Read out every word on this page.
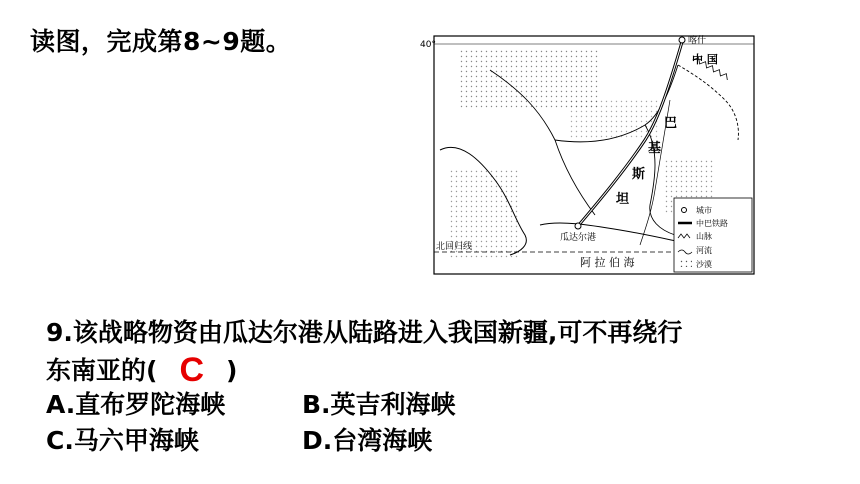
读图，完成第8~9题。	40°	喀什
瓜达尔港
中 国
巴
基
斯
坦
北回归线
阿 拉 伯 海
城市
中巴铁路
山脉
河流
沙漠
9.该战略物资由瓜达尔港从陆路进入我国新疆,可不再绕行
东南亚的( C )
A.直布罗陀海峡	B.英吉利海峡
C.马六甲海峡	D.台湾海峡
